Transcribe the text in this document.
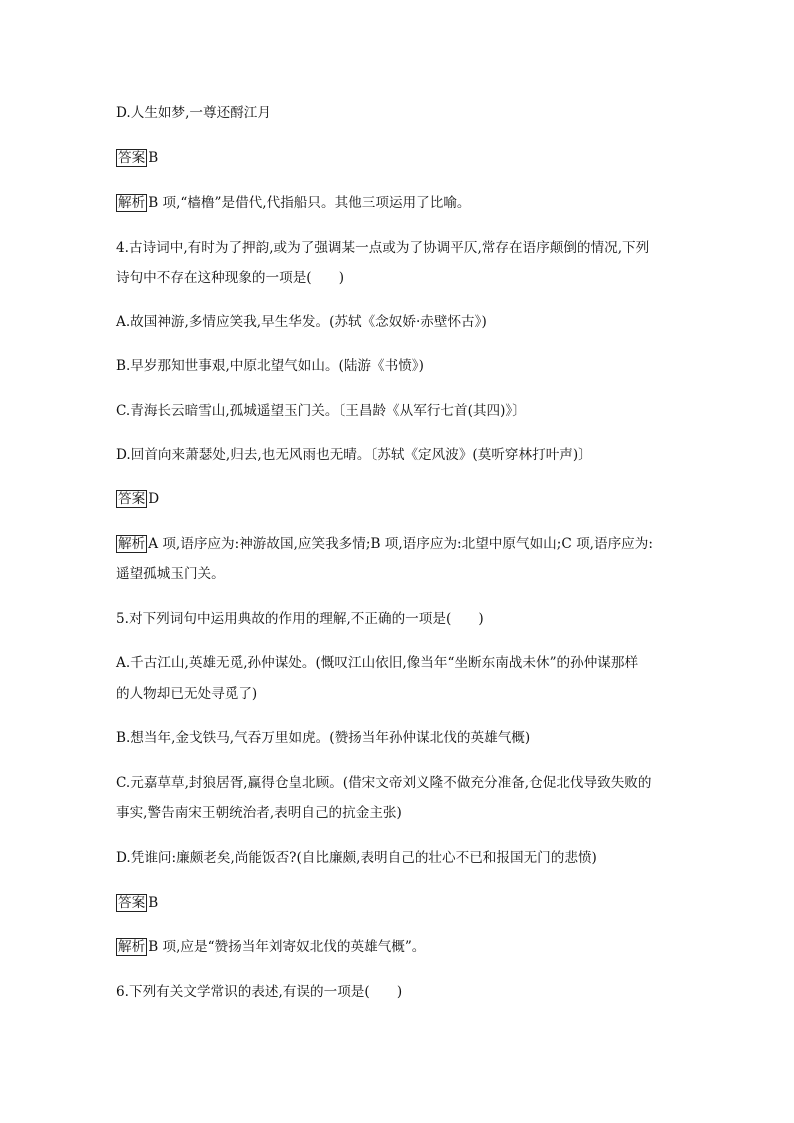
D.人生如梦,一尊还酹江月
答案 B
解析 B 项,“樯橹”是借代,代指船只。其他三项运用了比喻。
4.古诗词中,有时为了押韵,或为了强调某一点或为了协调平仄,常存在语序颠倒的情况,下列
诗句中不存在这种现象的一项是(　　)
A.故国神游,多情应笑我,早生华发。(苏轼《念奴娇·赤壁怀古》)
B.早岁那知世事艰,中原北望气如山。(陆游《书愤》)
C.青海长云暗雪山,孤城遥望玉门关。〔王昌龄《从军行七首(其四)》〕
D.回首向来萧瑟处,归去,也无风雨也无晴。〔苏轼《定风波》(莫听穿林打叶声)〕
答案 D
解析 A 项,语序应为:神游故国,应笑我多情;B 项,语序应为:北望中原气如山;C 项,语序应为:
遥望孤城玉门关。
5.对下列词句中运用典故的作用的理解,不正确的一项是(　　)
A.千古江山,英雄无觅,孙仲谋处。(慨叹江山依旧,像当年“坐断东南战未休”的孙仲谋那样
的人物却已无处寻觅了)
B.想当年,金戈铁马,气吞万里如虎。(赞扬当年孙仲谋北伐的英雄气概)
C.元嘉草草,封狼居胥,赢得仓皇北顾。(借宋文帝刘义隆不做充分准备,仓促北伐导致失败的
事实,警告南宋王朝统治者,表明自己的抗金主张)
D.凭谁问:廉颇老矣,尚能饭否?(自比廉颇,表明自己的壮心不已和报国无门的悲愤)
答案 B
解析 B 项,应是“赞扬当年刘寄奴北伐的英雄气概”。
6.下列有关文学常识的表述,有误的一项是(　　)
